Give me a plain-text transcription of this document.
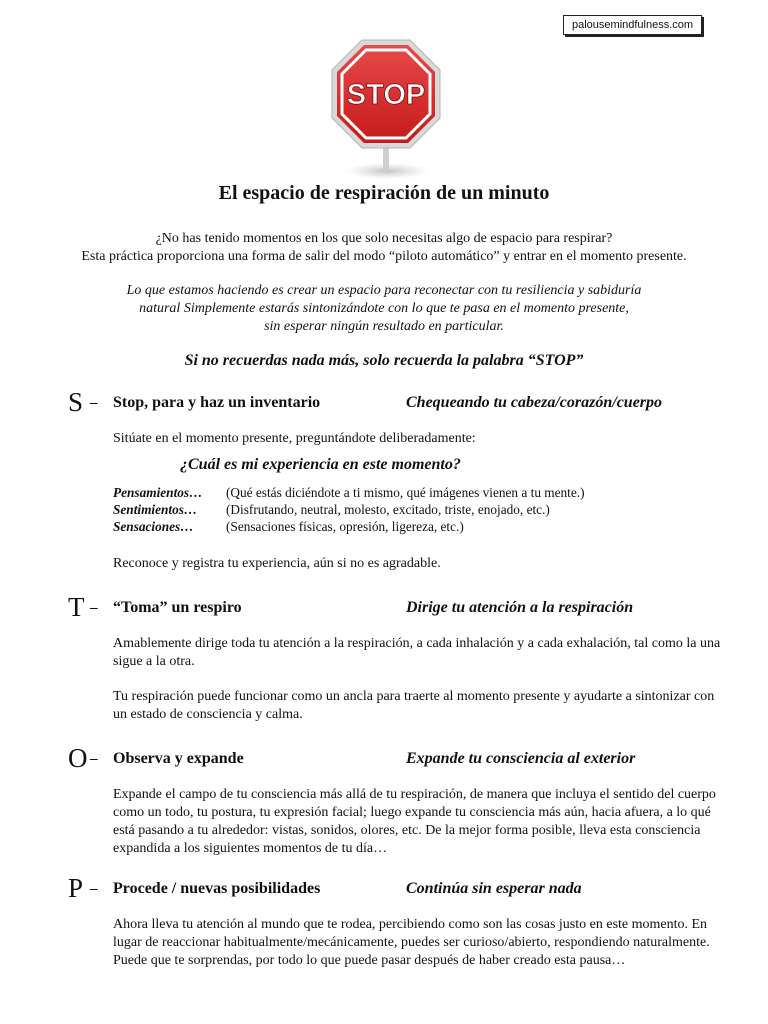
palousemindfulness.com
STOP
El espacio de respiración de un minuto

¿No has tenido momentos en los que solo necesitas algo de espacio para respirar?

Esta práctica proporciona una forma de salir del modo “piloto automático” y entrar en el momento presente.

Lo que estamos haciendo es crear un espacio para reconectar con tu resiliencia y sabiduría

natural Simplemente estarás sintonizándote con lo que te pasa en el momento presente,

sin esperar ningún resultado en particular.

Si no recuerdas nada más, solo recuerda la palabra “STOP”
S – Stop, para y haz un inventario	Chequeando tu cabeza/corazón/cuerpo

Sitúate en el momento presente, preguntándote deliberadamente:

¿Cuál es mi experiencia en este momento?
Pensamientos…	(Qué estás diciéndote a ti mismo, qué imágenes vienen a tu mente.)
Sentimientos…	(Disfrutando, neutral, molesto, excitado, triste, enojado, etc.)
Sensaciones…	(Sensaciones físicas, opresión, ligereza, etc.)

Reconoce y registra tu experiencia, aún si no es agradable.

T – “Toma” un respiro	Dirige tu atención a la respiración

Amablemente dirige toda tu atención a la respiración, a cada inhalación y a cada exhalación, tal como la una sigue a la otra.

Tu respiración puede funcionar como un ancla para traerte al momento presente y ayudarte a sintonizar con un estado de consciencia y calma.

O – Observa y expande	Expande tu consciencia al exterior

Expande el campo de tu consciencia más allá de tu respiración, de manera que incluya el sentido del cuerpo como un todo, tu postura, tu expresión facial; luego expande tu consciencia más aún, hacia afuera, a lo qué está pasando a tu alrededor: vistas, sonidos, olores, etc. De la mejor forma posible, lleva esta consciencia expandida a los siguientes momentos de tu día…

P – Procede / nuevas posibilidades	Continúa sin esperar nada

Ahora lleva tu atención al mundo que te rodea, percibiendo como son las cosas justo en este momento. En lugar de reaccionar habitualmente/mecánicamente, puedes ser curioso/abierto, respondiendo naturalmente. Puede que te sorprendas, por todo lo que puede pasar después de haber creado esta pausa…
